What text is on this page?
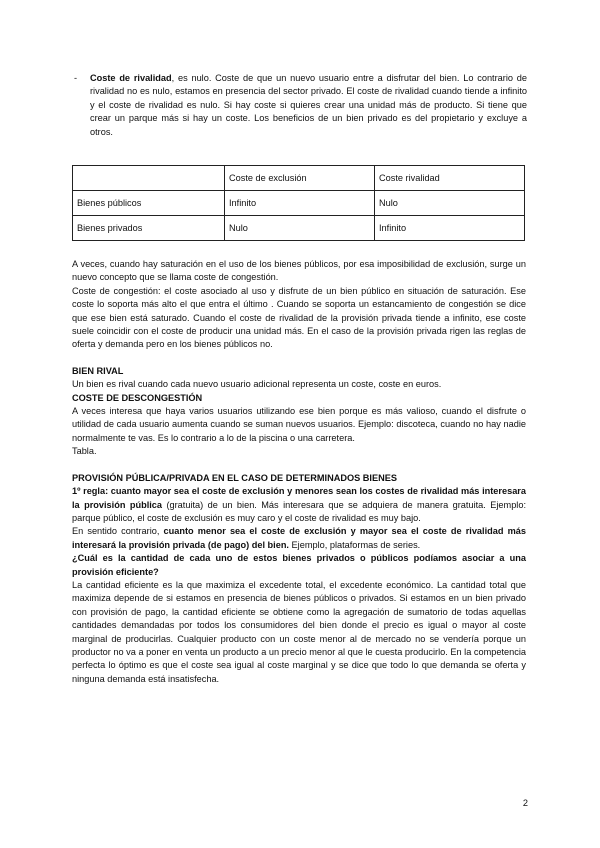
- Coste de rivalidad, es nulo. Coste de que un nuevo usuario entre a disfrutar del bien. Lo contrario de rivalidad no es nulo, estamos en presencia del sector privado. El coste de rivalidad cuando tiende a infinito y el coste de rivalidad es nulo. Si hay coste si quieres crear una unidad más de producto. Si tiene que crear un parque más si hay un coste. Los beneficios de un bien privado es del propietario y excluye a otros.
	Coste de exclusión	Coste rivalidad
Bienes públicos	Infinito	Nulo
Bienes privados	Nulo	Infinito

A veces, cuando hay saturación en el uso de los bienes públicos, por esa imposibilidad de exclusión, surge un nuevo concepto que se llama coste de congestión.

Coste de congestión: el coste asociado al uso y disfrute de un bien público en situación de saturación. Ese coste lo soporta más alto el que entra el último . Cuando se soporta un estancamiento de congestión se dice que ese bien está saturado. Cuando el coste de rivalidad de la provisión privada tiende a infinito, ese coste suele coincidir con el coste de producir una unidad más. En el caso de la provisión privada rigen las reglas de oferta y demanda pero en los bienes públicos no.

BIEN RIVAL

Un bien es rival cuando cada nuevo usuario adicional representa un coste, coste en euros.

COSTE DE DESCONGESTIÓN

A veces interesa que haya varios usuarios utilizando ese bien porque es más valioso, cuando el disfrute o utilidad de cada usuario aumenta cuando se suman nuevos usuarios. Ejemplo: discoteca, cuando no hay nadie normalmente te vas. Es lo contrario a lo de la piscina o una carretera.

Tabla.

PROVISIÓN PÚBLICA/PRIVADA EN EL CASO DE DETERMINADOS BIENES

1º regla: cuanto mayor sea el coste de exclusión y menores sean los costes de rivalidad más interesara la provisión pública (gratuita) de un bien. Más interesara que se adquiera de manera gratuita. Ejemplo: parque público, el coste de exclusión es muy caro y el coste de rivalidad es muy bajo.

En sentido contrario, cuanto menor sea el coste de exclusión y mayor sea el coste de rivalidad más interesará la provisión privada (de pago) del bien. Ejemplo, plataformas de series.

¿Cuál es la cantidad de cada uno de estos bienes privados o públicos podíamos asociar a una provisión eficiente?

La cantidad eficiente es la que maximiza el excedente total, el excedente económico. La cantidad total que maximiza depende de si estamos en presencia de bienes públicos o privados. Si estamos en un bien privado con provisión de pago, la cantidad eficiente se obtiene como la agregación de sumatorio de todas aquellas cantidades demandadas por todos los consumidores del bien donde el precio es igual o mayor al coste marginal de producirlas. Cualquier producto con un coste menor al de mercado no se vendería porque un productor no va a poner en venta un producto a un precio menor al que le cuesta producirlo. En la competencia perfecta lo óptimo es que el coste sea igual al coste marginal y se dice que todo lo que demanda se oferta y ninguna demanda está insatisfecha.

2
